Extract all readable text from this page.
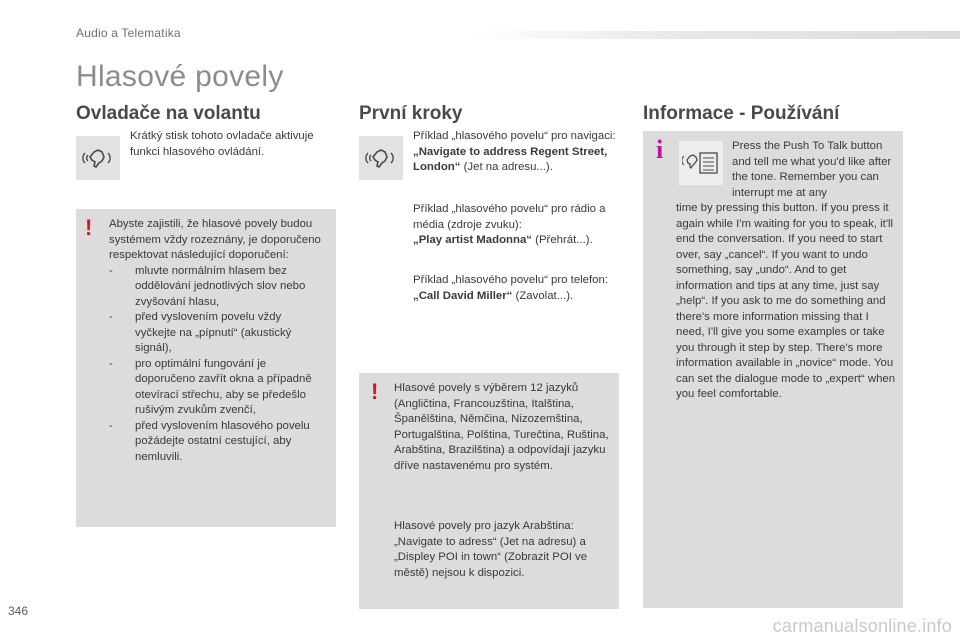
Audio a Telematika
Hlasové povely
Ovladače na volantu
Krátký stisk tohoto ovladače aktivuje funkci hlasového ovládání.
! Abyste zajistili, že hlasové povely budou systémem vždy rozeznány, je doporučeno respektovat následující doporučení:
- mluvte normálním hlasem bez oddělování jednotlivých slov nebo zvyšování hlasu,
- před vyslovením povelu vždy vyčkejte na „pípnutí“ (akustický signál),
- pro optimální fungování je doporučeno zavřít okna a případně otevírací střechu, aby se předešlo rušivým zvukům zvenčí,
- před vyslovením hlasového povelu požádejte ostatní cestující, aby nemluvili.
První kroky
Příklad „hlasového povelu“ pro navigaci:
„Navigate to address Regent Street, London“ (Jet na adresu...).
Příklad „hlasového povelu“ pro rádio a média (zdroje zvuku):
„Play artist Madonna“ (Přehrát...).
Příklad „hlasového povelu“ pro telefon:
„Call David Miller“ (Zavolat...).
! Hlasové povely s výběrem 12 jazyků (Angličtina, Francouzština, Italština, Španělština, Němčina, Nizozemština, Portugalština, Polština, Turečtina, Ruština, Arabština, Brazilština) a odpovídají jazyku dříve nastavenému pro systém.
Hlasové povely pro jazyk Arabština: „Navigate to adress“ (Jet na adresu) a „Displey POI in town“ (Zobrazit POI ve městě) nejsou k dispozici.
Informace - Používání
i	Press the Push To Talk button and tell me what you'd like after the tone. Remember you can interrupt me at any
time by pressing this button. If you press it again while I'm waiting for you to speak, it'll end the conversation. If you need to start over, say „cancel“. If you want to undo something, say „undo“. And to get information and tips at any time, just say „help“. If you ask to me do something and there's more information missing that I need, I'll give you some examples or take you through it step by step. There's more information available in „novice“ mode. You can set the dialogue mode to „expert“ when you feel comfortable.
346
carmanualsonline.info
